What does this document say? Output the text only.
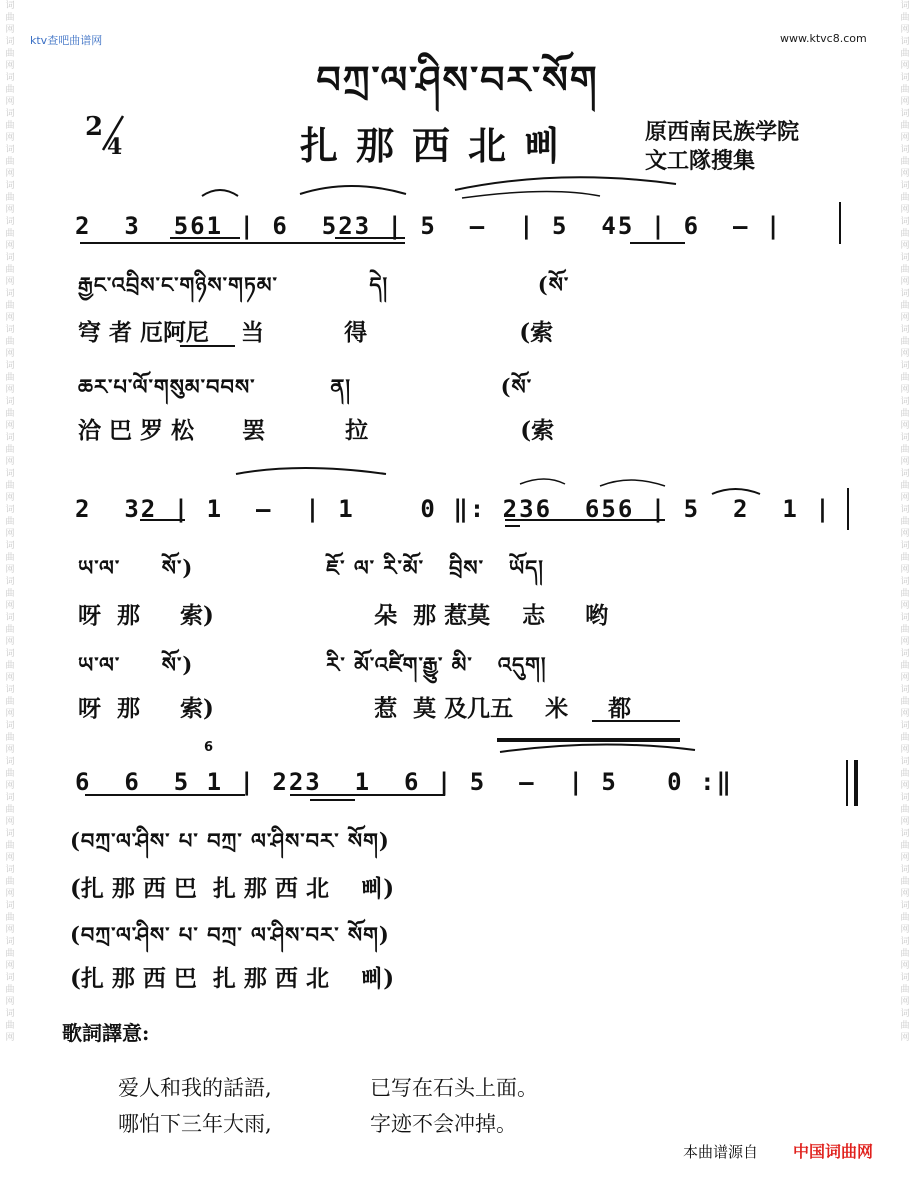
ktv查吧曲谱网	www.ktvc8.com
词曲网词曲网词曲网词曲网词曲网词曲网词曲网词曲网词曲网词曲网词曲网词曲网词曲网词曲网词曲网词曲网词曲网词曲网词曲网词曲网词曲网词曲网词曲网词曲网词曲网词曲网词曲网词曲网词曲网
词曲网词曲网词曲网词曲网词曲网词曲网词曲网词曲网词曲网词曲网词曲网词曲网词曲网词曲网词曲网词曲网词曲网词曲网词曲网词曲网词曲网词曲网词曲网词曲网词曲网词曲网词曲网词曲网词曲网
བཀྲ་ལ་ཤིས་བར་སོག
2
4	扎那西北삐	原西南民族学院
文工隊搜集
2  3  561 | 6  523 | 5  —  | 5  45 | 6  — |
རྒྱང་འབྲིས་ང་གཉིས་གཏམ་           དེ།                  (སོ་
穹 者 厄阿尼    当          得                   (索
ཆར་པ་ལོ་གསུམ་བབས་         ན།                  (སོ་
洽 巴 罗 松      罢          拉                   (索
2  32 | 1  —  | 1    0 ‖: 236  656 | 5  2  1 |
ཡ་ལ་     སོ་)                ཇོ་ ལ་ རི་མོ་   བྲིས་   ཡོད།
呀  那     索)                    朵  那 惹莫    志     哟
ཡ་ལ་     སོ་)                རི་ མོ་འཛིག་རྒྱུ་ མི་   འདུག།
呀  那     索)                    惹  莫 及几五    米     都
6
6  6  5 1 | 223  1  6 | 5  —  | 5   0 :‖
(བཀྲ་ལ་ཤིས་ པ་ བཀྲ་ ལ་ཤིས་བར་ སོག)
(扎 那 西 巴  扎 那 西 北    삐)
(བཀྲ་ལ་ཤིས་ པ་ བཀྲ་ ལ་ཤིས་བར་ སོག)
(扎 那 西 巴  扎 那 西 北    삐)
歌詞譯意:
爱人和我的話語,	已写在石头上面。
哪怕下三年大雨,	字迹不会冲掉。
本曲谱源自 中国词曲网
